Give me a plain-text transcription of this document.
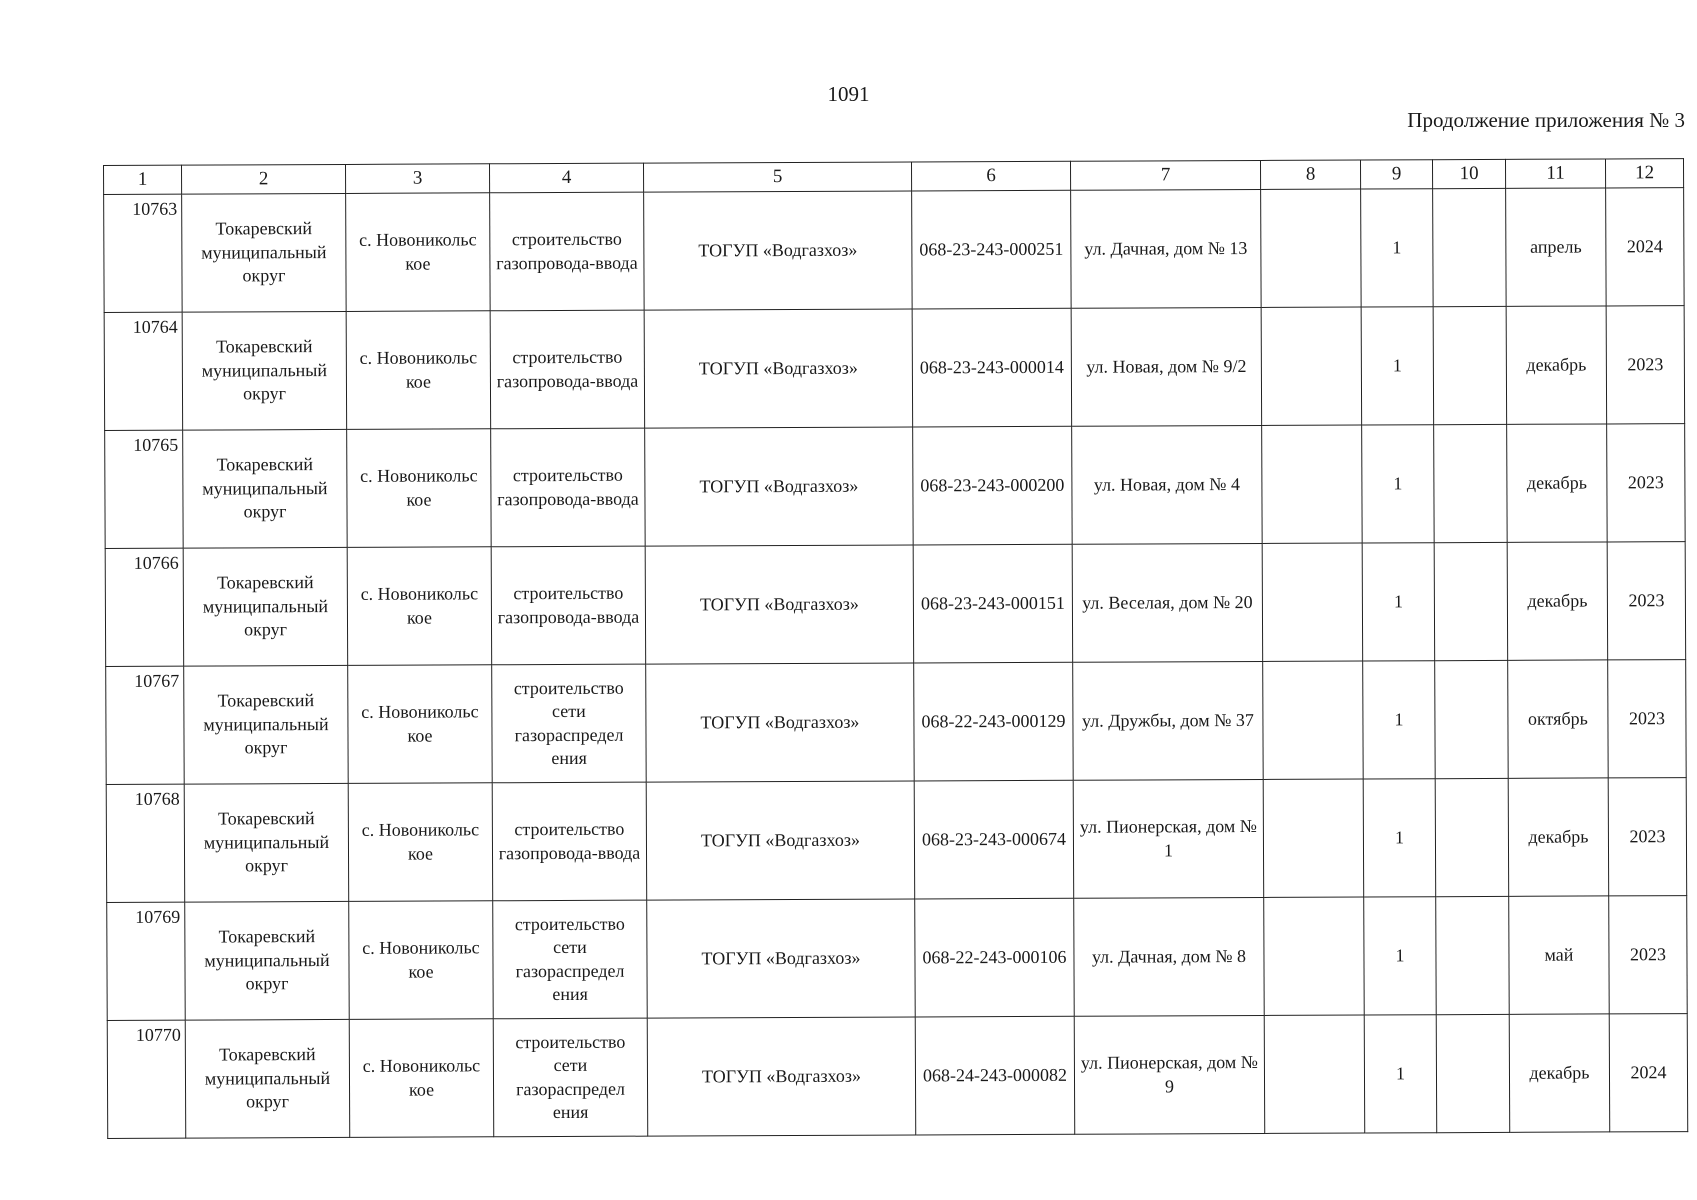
1091
Продолжение приложения № 3
1	2	3	4	5	6	7	8	9	10	11	12
10763	Токаревский муниципальный округ	с. Новоникольс кое	строительство газопровода-ввода	ТОГУП «Водгазхоз»	068-23-243-000251	ул. Дачная, дом № 13		1		апрель	2024
10764	Токаревский муниципальный округ	с. Новоникольс кое	строительство газопровода-ввода	ТОГУП «Водгазхоз»	068-23-243-000014	ул. Новая, дом № 9/2		1		декабрь	2023
10765	Токаревский муниципальный округ	с. Новоникольс кое	строительство газопровода-ввода	ТОГУП «Водгазхоз»	068-23-243-000200	ул. Новая, дом № 4		1		декабрь	2023
10766	Токаревский муниципальный округ	с. Новоникольс кое	строительство газопровода-ввода	ТОГУП «Водгазхоз»	068-23-243-000151	ул. Веселая, дом № 20		1		декабрь	2023
10767	Токаревский муниципальный округ	с. Новоникольс кое	строительство сети газораспредел ения	ТОГУП «Водгазхоз»	068-22-243-000129	ул. Дружбы, дом № 37		1		октябрь	2023
10768	Токаревский муниципальный округ	с. Новоникольс кое	строительство газопровода-ввода	ТОГУП «Водгазхоз»	068-23-243-000674	ул. Пионерская, дом № 1		1		декабрь	2023
10769	Токаревский муниципальный округ	с. Новоникольс кое	строительство сети газораспредел ения	ТОГУП «Водгазхоз»	068-22-243-000106	ул. Дачная, дом № 8		1		май	2023
10770	Токаревский муниципальный округ	с. Новоникольс кое	строительство сети газораспредел ения	ТОГУП «Водгазхоз»	068-24-243-000082	ул. Пионерская, дом № 9		1		декабрь	2024
